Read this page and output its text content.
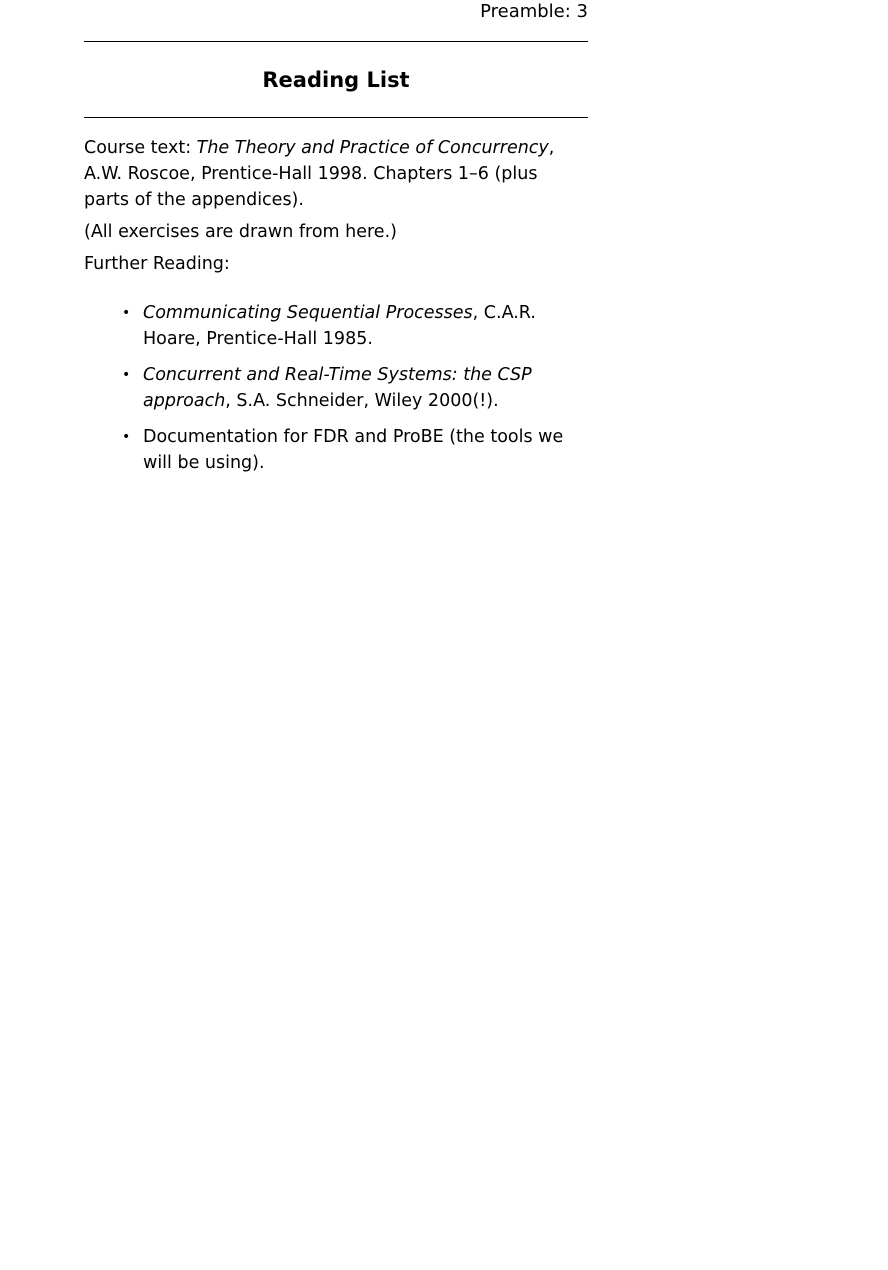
Preamble: 3
Reading List

Course text: The Theory and Practice of Concurrency, A.W. Roscoe, Prentice-Hall 1998. Chapters 1–6 (plus parts of the appendices).

(All exercises are drawn from here.)

Further Reading:

• Communicating Sequential Processes, C.A.R. Hoare, Prentice-Hall 1985.
• Concurrent and Real-Time Systems: the CSP approach, S.A. Schneider, Wiley 2000(!).
• Documentation for FDR and ProBE (the tools we will be using).
